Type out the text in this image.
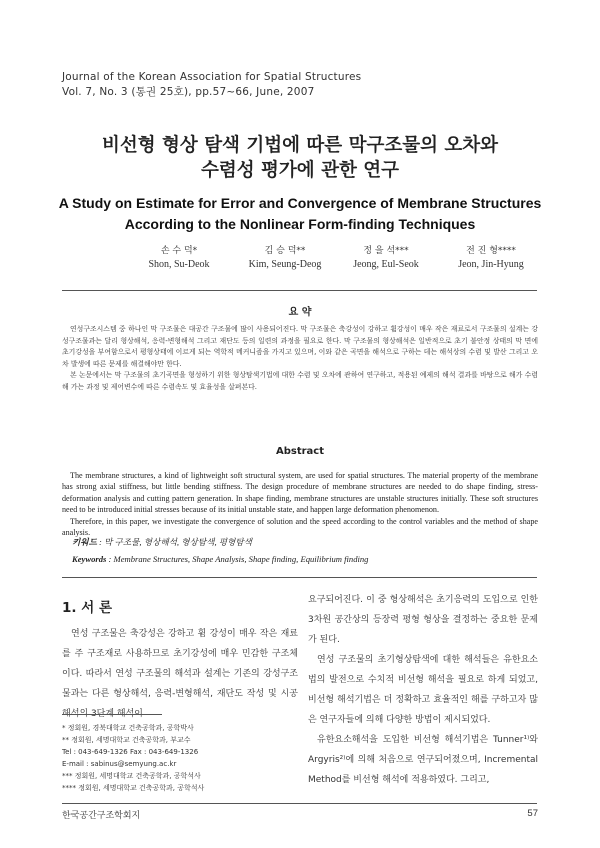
Journal of the Korean Association for Spatial Structures
Vol. 7, No. 3 (통권 25호), pp.57~66, June, 2007
비선형 형상 탐색 기법에 따른 막구조물의 오차와
수렴성 평가에 관한 연구
A Study on Estimate for Error and Convergence of Membrane Structures
According to the Nonlinear Form-finding Techniques
손 수 덕*
Shon, Su-Deok
김 승 덕**
Kim, Seung-Deog
정 을 석***
Jeong, Eul-Seok
전 진 형****
Jeon, Jin-Hyung
요 약

연성구조시스템 중 하나인 막 구조물은 대공간 구조물에 많이 사용되어진다. 막 구조물은 축강성이 강하고 휨강성이 매우 작은 재료로서 구조물의 설계는 강성구조물과는 달리 형상해석, 응력-변형해석 그리고 재단도 등의 일련의 과정을 필요로 한다. 막 구조물의 형상해석은 일반적으로 초기 불안정 상태의 막 면에 초기강성을 부여함으로서 평형상태에 이르게 되는 역학적 메커니즘을 가지고 있으며, 이와 같은 곡면을 해석으로 구하는 데는 해석상의 수렴 및 발산 그리고 오차 발생에 따른 문제를 해결해야만 한다.

본 논문에서는 막 구조물의 초기곡면을 형성하기 위한 형상탐색기법에 대한 수렴 및 오차에 관하여 연구하고, 적용된 예제의 해석 결과를 바탕으로 해가 수렴해 가는 과정 및 제어변수에 따른 수렴속도 및 효율성을 살펴본다.

Abstract

The membrane structures, a kind of lightweight soft structural system, are used for spatial structures. The material property of the membrane has strong axial stiffness, but little bending stiffness. The design procedure of membrane structures are needed to do shape finding, stress-deformation analysis and cutting pattern generation. In shape finding, membrane structures are unstable structures initially. These soft structures need to be introduced initial stresses because of its initial unstable state, and happen large deformation phenomenon.

Therefore, in this paper, we investigate the convergence of solution and the speed according to the control variables and the method of shape analysis.

키워드 : 막 구조물, 형상해석, 형상탐색, 평형탐색
Keywords : Membrane Structures, Shape Analysis, Shape finding, Equilibrium finding
1. 서 론

연성 구조물은 축강성은 강하고 휨 강성이 매우 작은 재료를 주 구조재로 사용하므로 초기강성에 매우 민감한 구조체이다. 따라서 연성 구조물의 해석과 설계는 기존의 강성구조물과는 다른 형상해석, 응력-변형해석, 재단도 작성 및 시공해석의 3단계 해석이

요구되어진다. 이 중 형상해석은 초기응력의 도입으로 인한 3차원 공간상의 등장력 평형 형상을 결정하는 중요한 문제가 된다.

연성 구조물의 초기형상탐색에 대한 해석들은 유한요소법의 발전으로 수치적 비선형 해석을 필요로 하게 되었고, 비선형 해석기법은 더 정확하고 효율적인 해를 구하고자 많은 연구자들에 의해 다양한 방법이 제시되었다.

유한요소해석을 도입한 비선형 해석기법은 Tunner¹⁾와 Argyris²⁾에 의해 처음으로 연구되어졌으며, Incremental Method를 비선형 해석에 적용하였다. 그리고,

* 정회원, 경북대학교 건축공학과, 공학박사
** 정회원, 세명대학교 건축공학과, 부교수
Tel : 043-649-1326 Fax : 043-649-1326
E-mail : sabinus@semyung.ac.kr
*** 정회원, 세명대학교 건축공학과, 공학석사
**** 정회원, 세명대학교 건축공학과, 공학석사
한국공간구조학회지	57
